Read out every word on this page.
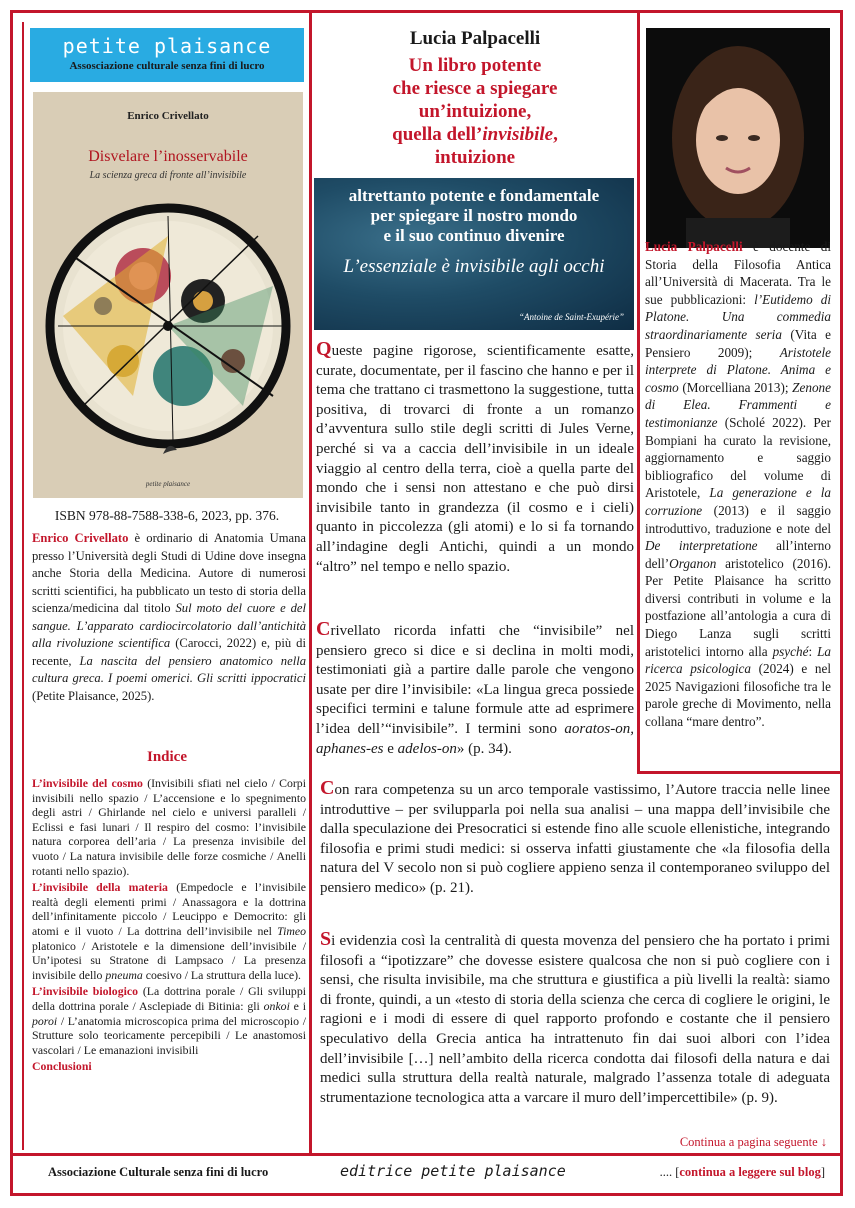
petite plaisance
Assosciazione culturale senza fini di lucro
Enrico Crivellato
Disvelare l’inosservabile
La scienza greca di fronte all’invisibile
petite plaisance
ISBN 978-88-7588-338-6, 2023, pp. 376.
Enrico Crivellato è ordinario di Anatomia Umana presso l’Università degli Studi di Udine dove insegna anche Storia della Medicina. Autore di numerosi scritti scientifici, ha pubblicato un testo di storia della scienza/medicina dal titolo Sul moto del cuore e del sangue. L’apparato cardiocircolatorio dall’antichità alla rivoluzione scientifica (Carocci, 2022) e, più di recente, La nascita del pensiero anatomico nella cultura greca. I poemi omerici. Gli scritti ippocratici (Petite Plaisance, 2025).
Indice

L’invisibile del cosmo (Invisibili sfiati nel cielo / Corpi invisibili nello spazio / L’accensione e lo spegnimento degli astri / Ghirlande nel cielo e universi paralleli / Eclissi e fasi lunari / Il respiro del cosmo: l’invisibile natura corporea dell’aria / La presenza invisibile del vuoto / La natura invisibile delle forze cosmiche / Anelli rotanti nello spazio).

L’invisibile della materia (Empedocle e l’invisibile realtà degli elementi primi / Anassagora e la dottrina dell’infinitamente piccolo / Leucippo e Democrito: gli atomi e il vuoto / La dottrina dell’invisibile nel Timeo platonico / Aristotele e la dimensione dell’invisibile / Un’ipotesi su Stratone di Lampsaco / La presenza invisibile dello pneuma coesivo / La struttura della luce).

L’invisibile biologico (La dottrina porale / Gli sviluppi della dottrina porale / Asclepiade di Bitinia: gli onkoi e i poroi / L’anatomia microscopica prima del microscopio / Strutture solo teoricamente percepibili / Le anastomosi vascolari / Le emanazioni invisibili

Conclusioni

Lucia Palpacelli
Un libro potente
che riesce a spiegare
un’intuizione,
quella dell’invisibile,
intuizione
altrettanto potente e fondamentale
per spiegare il nostro mondo
e il suo continuo divenire
L’essenziale è invisibile agli occhi
“Antoine de Saint-Exupérie”
Queste pagine rigorose, scientificamente esatte, curate, documentate, per il fascino che hanno e per il tema che trattano ci trasmettono la suggestione, tutta positiva, di trovarci di fronte a un romanzo d’avventura sullo stile degli scritti di Jules Verne, perché si va a caccia dell’invisibile in un ideale viaggio al centro della terra, cioè a quella parte del mondo che i sensi non attestano e che può dirsi invisibile tanto in grandezza (il cosmo e i cieli) quanto in piccolezza (gli atomi) e lo si fa tornando all’indagine degli Antichi, quindi a un mondo “altro” nel tempo e nello spazio.
Crivellato ricorda infatti che “invisibile” nel pensiero greco si dice e si declina in molti modi, testimoniati già a partire dalle parole che vengono usate per dire l’invisibile: «La lingua greca possiede specifici termini e talune formule atte ad esprimere l’idea dell’“invisibile”. I termini sono aoratos-on, aphanes-es e adelos-on» (p. 34).
Con rara competenza su un arco temporale vastissimo, l’Autore traccia nelle linee introduttive – per svilupparla poi nella sua analisi – una mappa dell’invisibile che dalla speculazione dei Presocratici si estende fino alle scuole ellenistiche, integrando filosofia e primi studi medici: si osserva infatti giustamente che «la filosofia della natura del V secolo non si può cogliere appieno senza il contemporaneo sviluppo del pensiero medico» (p. 21).
Si evidenzia così la centralità di questa movenza del pensiero che ha portato i primi filosofi a “ipotizzare” che dovesse esistere qualcosa che non si può cogliere con i sensi, che risulta invisibile, ma che struttura e giustifica a più livelli la realtà: siamo di fronte, quindi, a un «testo di storia della scienza che cerca di cogliere le origini, le ragioni e i modi di essere di quel rapporto profondo e costante che il pensiero speculativo della Grecia antica ha intrattenuto fin dai suoi albori con l’idea dell’invisibile […] nell’ambito della ricerca condotta dai filosofi della natura e dai medici sulla struttura della realtà naturale, malgrado l’assenza totale di adeguata strumentazione tecnologica atta a varcare il muro dell’impercettibile» (p. 9).
Lucia Palpacelli è docente di Storia della Filosofia Antica all’Università di Macerata. Tra le sue pubblicazioni: l’Eutidemo di Platone. Una commedia straordinariamente seria (Vita e Pensiero 2009); Aristotele interprete di Platone. Anima e cosmo (Morcelliana 2013); Zenone di Elea. Frammenti e testimonianze (Scholé 2022). Per Bompiani ha curato la revisione, aggiornamento e saggio bibliografico del volume di Aristotele, La generazione e la corruzione (2013) e il saggio introduttivo, traduzione e note del De interpretatione all’interno dell’Organon aristotelico (2016). Per Petite Plaisance ha scritto diversi contributi in volume e la postfazione all’antologia a cura di Diego Lanza sugli scritti aristotelici intorno alla psyché: La ricerca psicologica (2024) e nel 2025 Navigazioni filosofiche tra le parole greche di Movimento, nella collana “mare dentro”.
Continua a pagina seguente ↓
Associazione Culturale senza fini di lucro	editrice petite plaisance	.... [continua a leggere sul blog]
